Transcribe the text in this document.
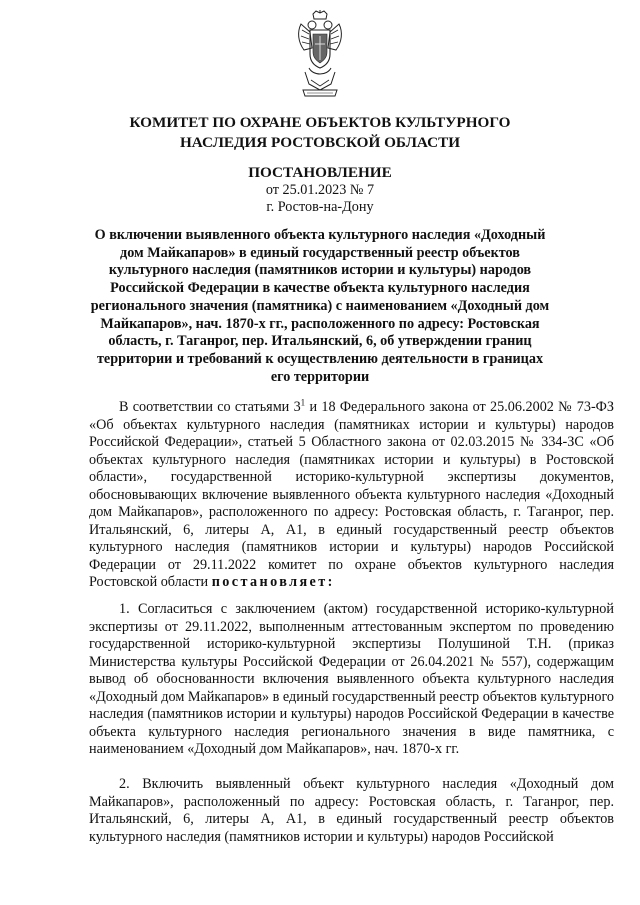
КОМИТЕТ ПО ОХРАНЕ ОБЪЕКТОВ КУЛЬТУРНОГО
НАСЛЕДИЯ РОСТОВСКОЙ ОБЛАСТИ
ПОСТАНОВЛЕНИЕ
от 25.01.2023 № 7
г. Ростов-на-Дону
О включении выявленного объекта культурного наследия «Доходный дом Майкапаров» в единый государственный реестр объектов культурного наследия (памятников истории и культуры) народов Российской Федерации в качестве объекта культурного наследия регионального значения (памятника) с наименованием «Доходный дом Майкапаров», нач. 1870-х гг., расположенного по адресу: Ростовская область, г. Таганрог, пер. Итальянский, 6, об утверждении границ территории и требований к осуществлению деятельности в границах его территории

В соответствии со статьями $3^1$ и 18 Федерального закона от 25.06.2002 № 73-ФЗ «Об объектах культурного наследия (памятниках истории и культуры) народов Российской Федерации», статьей 5 Областного закона от 02.03.2015 № 334-ЗС «Об объектах культурного наследия (памятниках истории и культуры) в Ростовской области», государственной историко-культурной экспертизы документов, обосновывающих включение выявленного объекта культурного наследия «Доходный дом Майкапаров», расположенного по адресу: Ростовская область, г. Таганрог, пер. Итальянский, 6, литеры А, А1, в единый государственный реестр объектов культурного наследия (памятников истории и культуры) народов Российской Федерации от 29.11.2022 комитет по охране объектов культурного наследия Ростовской области постановляет:

1. Согласиться с заключением (актом) государственной историко-культурной экспертизы от 29.11.2022, выполненным аттестованным экспертом по проведению государственной историко-культурной экспертизы Полушиной Т.Н. (приказ Министерства культуры Российской Федерации от 26.04.2021 № 557), содержащим вывод об обоснованности включения выявленного объекта культурного наследия «Доходный дом Майкапаров» в единый государственный реестр объектов культурного наследия (памятников истории и культуры) народов Российской Федерации в качестве объекта культурного наследия регионального значения в виде памятника, с наименованием «Доходный дом Майкапаров», нач. 1870-х гг.

2. Включить выявленный объект культурного наследия «Доходный дом Майкапаров», расположенный по адресу: Ростовская область, г. Таганрог, пер. Итальянский, 6, литеры А, А1, в единый государственный реестр объектов культурного наследия (памятников истории и культуры) народов Российской
